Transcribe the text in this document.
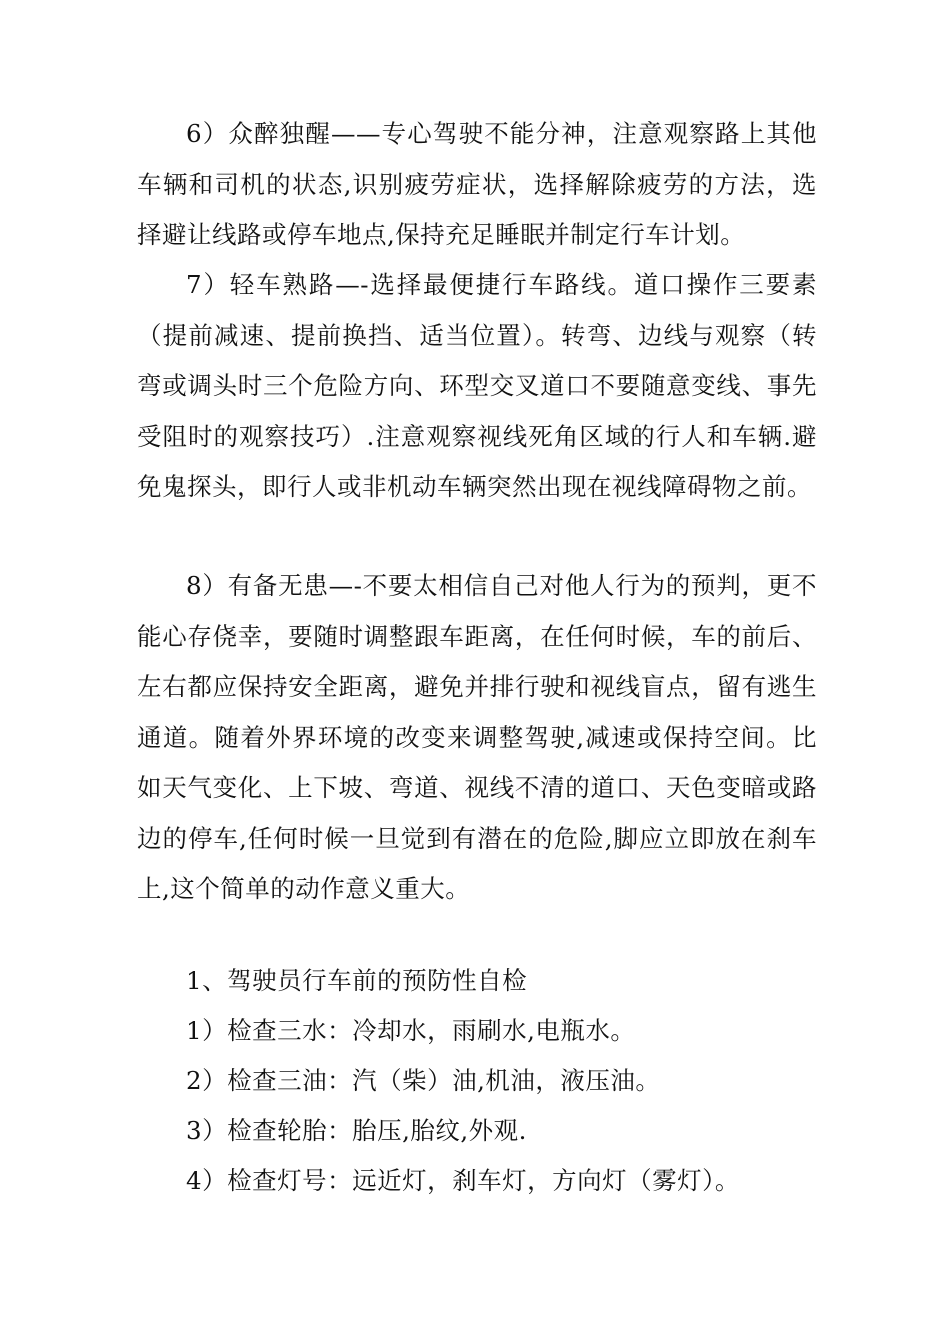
6）众醉独醒——专心驾驶不能分神，注意观察路上其他车辆和司机的状态,识别疲劳症状，选择解除疲劳的方法，选择避让线路或停车地点,保持充足睡眠并制定行车计划。

7）轻车熟路—-选择最便捷行车路线。道口操作三要素（提前减速、提前换挡、适当位置）。转弯、边线与观察（转弯或调头时三个危险方向、环型交叉道口不要随意变线、事先受阻时的观察技巧）.注意观察视线死角区域的行人和车辆.避免鬼探头，即行人或非机动车辆突然出现在视线障碍物之前。

8）有备无患—-不要太相信自己对他人行为的预判，更不能心存侥幸，要随时调整跟车距离，在任何时候，车的前后、左右都应保持安全距离，避免并排行驶和视线盲点，留有逃生通道。随着外界环境的改变来调整驾驶,减速或保持空间。比如天气变化、上下坡、弯道、视线不清的道口、天色变暗或路边的停车,任何时候一旦觉到有潜在的危险,脚应立即放在刹车上,这个简单的动作意义重大。

1、驾驶员行车前的预防性自检

1）检查三水：冷却水，雨刷水,电瓶水。

2）检查三油：汽（柴）油,机油，液压油。

3）检查轮胎：胎压,胎纹,外观.

4）检查灯号：远近灯，刹车灯，方向灯（雾灯）。
